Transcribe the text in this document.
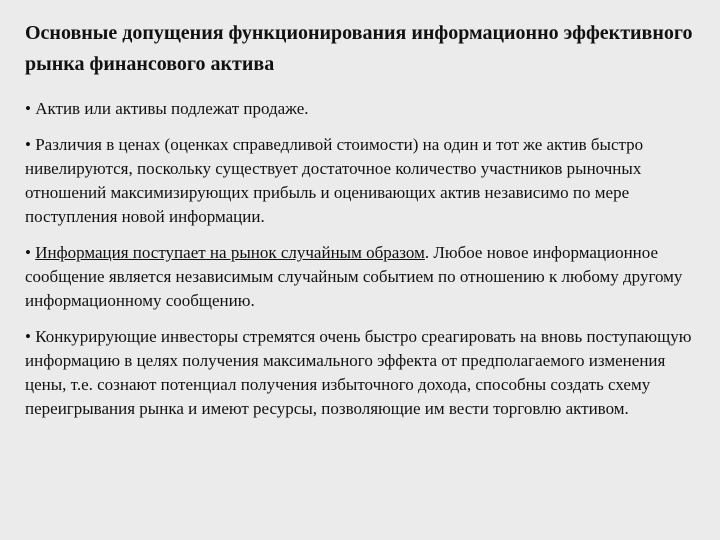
Основные допущения функционирования информационно эффективного рынка финансового актива
• Актив или активы подлежат продаже.
• Различия в ценах (оценках справедливой стоимости) на один и тот же актив быстро нивелируются, поскольку существует достаточное количество участников рыночных отношений максимизирующих прибыль и оценивающих актив независимо по мере поступления новой информации.
• Информация поступает на рынок случайным образом. Любое новое информационное сообщение является независимым случайным событием по отношению к любому другому информационному сообщению.
• Конкурирующие инвесторы стремятся очень быстро среагировать на вновь поступающую информацию в целях получения максимального эффекта от предполагаемого изменения цены, т.е. сознают потенциал получения избыточного дохода, способны создать схему переигрывания рынка и имеют ресурсы, позволяющие им вести торговлю активом.
